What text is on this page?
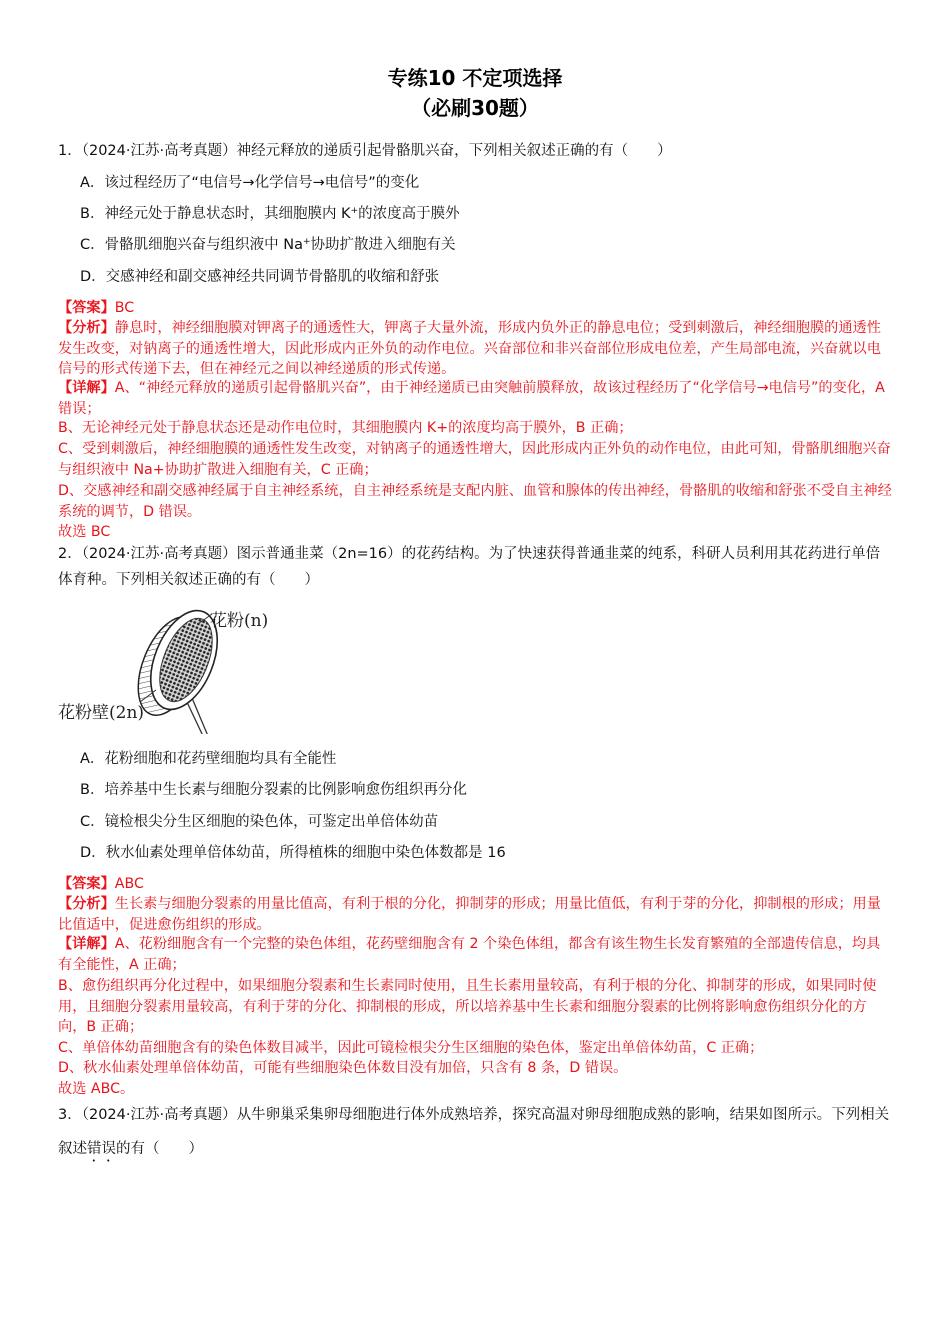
专练10 不定项选择
（必刷30题）
1．（2024·江苏·高考真题）神经元释放的递质引起骨骼肌兴奋，下列相关叙述正确的有（　　）
A．该过程经历了“电信号→化学信号→电信号”的变化
B．神经元处于静息状态时，其细胞膜内 K+的浓度高于膜外
C．骨骼肌细胞兴奋与组织液中 Na+协助扩散进入细胞有关
D．交感神经和副交感神经共同调节骨骼肌的收缩和舒张
【答案】BC
【分析】静息时，神经细胞膜对钾离子的通透性大，钾离子大量外流，形成内负外正的静息电位；受到刺激后，神经细胞膜的通透性发生改变，对钠离子的通透性增大，因此形成内正外负的动作电位。兴奋部位和非兴奋部位形成电位差，产生局部电流，兴奋就以电信号的形式传递下去，但在神经元之间以神经递质的形式传递。
【详解】A、“神经元释放的递质引起骨骼肌兴奋”，由于神经递质已由突触前膜释放，故该过程经历了“化学信号→电信号”的变化，A 错误；
B、无论神经元处于静息状态还是动作电位时，其细胞膜内 K+的浓度均高于膜外，B 正确；
C、受到刺激后，神经细胞膜的通透性发生改变，对钠离子的通透性增大，因此形成内正外负的动作电位，由此可知，骨骼肌细胞兴奋与组织液中 Na+协助扩散进入细胞有关，C 正确；
D、交感神经和副交感神经属于自主神经系统，自主神经系统是支配内脏、血管和腺体的传出神经，骨骼肌的收缩和舒张不受自主神经系统的调节，D 错误。
故选 BC
2．（2024·江苏·高考真题）图示普通韭菜（2n=16）的花药结构。为了快速获得普通韭菜的纯系，科研人员利用其花药进行单倍体育种。下列相关叙述正确的有（　　）
花粉(n)
花粉壁(2n)
A．花粉细胞和花药壁细胞均具有全能性
B．培养基中生长素与细胞分裂素的比例影响愈伤组织再分化
C．镜检根尖分生区细胞的染色体，可鉴定出单倍体幼苗
D．秋水仙素处理单倍体幼苗，所得植株的细胞中染色体数都是 16
【答案】ABC
【分析】生长素与细胞分裂素的用量比值高，有利于根的分化，抑制芽的形成；用量比值低，有利于芽的分化，抑制根的形成；用量比值适中，促进愈伤组织的形成。
【详解】A、花粉细胞含有一个完整的染色体组，花药壁细胞含有 2 个染色体组，都含有该生物生长发育繁殖的全部遗传信息，均具有全能性，A 正确；
B、愈伤组织再分化过程中，如果细胞分裂素和生长素同时使用，且生长素用量较高，有利于根的分化、抑制芽的形成，如果同时使用，且细胞分裂素用量较高，有利于芽的分化、抑制根的形成，所以培养基中生长素和细胞分裂素的比例将影响愈伤组织分化的方向，B 正确；
C、单倍体幼苗细胞含有的染色体数目减半，因此可镜检根尖分生区细胞的染色体，鉴定出单倍体幼苗，C 正确；
D、秋水仙素处理单倍体幼苗，可能有些细胞染色体数目没有加倍，只含有 8 条，D 错误。
故选 ABC。
3．（2024·江苏·高考真题）从牛卵巢采集卵母细胞进行体外成熟培养，探究高温对卵母细胞成熟的影响，结果如图所示。下列相关叙述错误的有（　　）
